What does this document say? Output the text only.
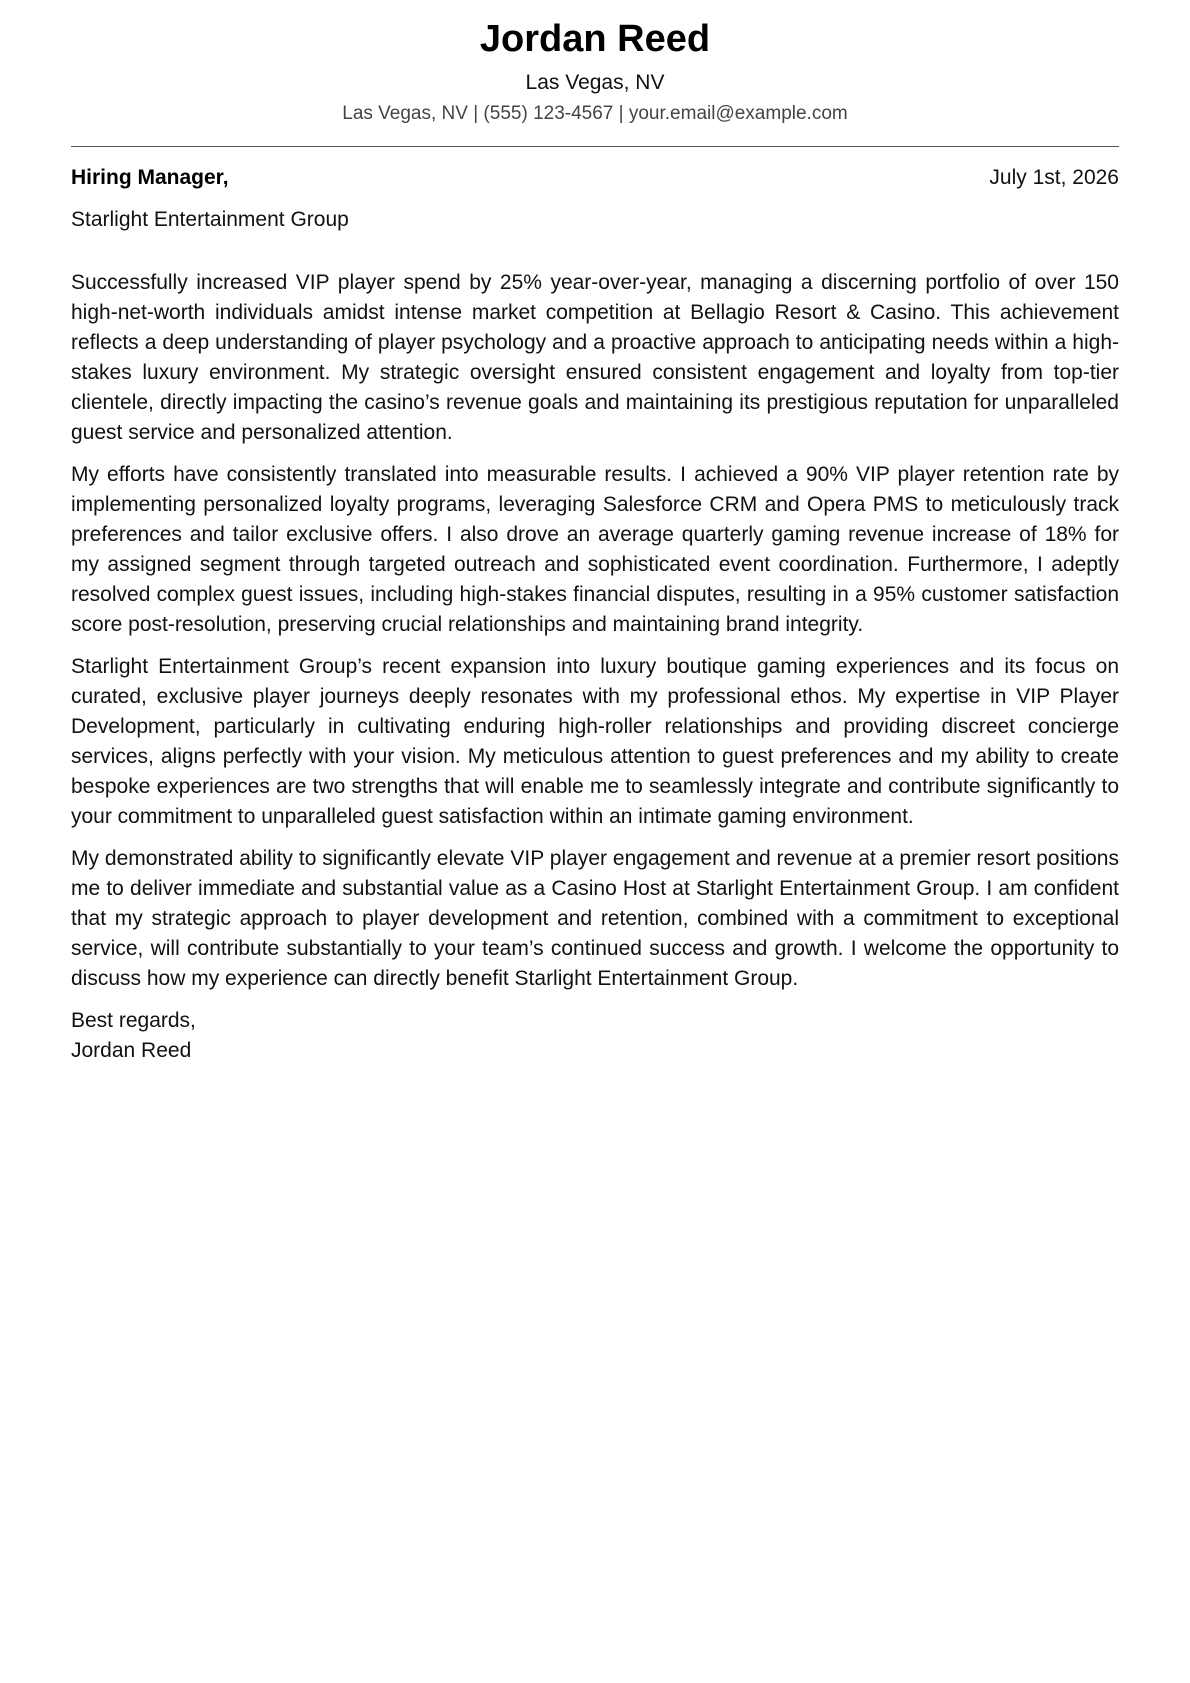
Jordan Reed
Las Vegas, NV
Las Vegas, NV | (555) 123-4567 | your.email@example.com
Hiring Manager,	July 1st, 2026
Starlight Entertainment Group

Successfully increased VIP player spend by 25% year-over-year, managing a discerning portfolio of over 150 high-net-worth individuals amidst intense market competition at Bellagio Resort & Casino. This achievement reflects a deep understanding of player psychology and a proactive approach to anticipating needs within a high-stakes luxury environment. My strategic oversight ensured consistent engagement and loyalty from top-tier clientele, directly impacting the casino’s revenue goals and maintaining its prestigious reputation for unparalleled guest service and personalized attention.

My efforts have consistently translated into measurable results. I achieved a 90% VIP player retention rate by implementing personalized loyalty programs, leveraging Salesforce CRM and Opera PMS to meticulously track preferences and tailor exclusive offers. I also drove an average quarterly gaming revenue increase of 18% for my assigned segment through targeted outreach and sophisticated event coordination. Furthermore, I adeptly resolved complex guest issues, including high-stakes financial disputes, resulting in a 95% customer satisfaction score post-resolution, preserving crucial relationships and maintaining brand integrity.

Starlight Entertainment Group’s recent expansion into luxury boutique gaming experiences and its focus on curated, exclusive player journeys deeply resonates with my professional ethos. My expertise in VIP Player Development, particularly in cultivating enduring high-roller relationships and providing discreet concierge services, aligns perfectly with your vision. My meticulous attention to guest preferences and my ability to create bespoke experiences are two strengths that will enable me to seamlessly integrate and contribute significantly to your commitment to unparalleled guest satisfaction within an intimate gaming environment.

My demonstrated ability to significantly elevate VIP player engagement and revenue at a premier resort positions me to deliver immediate and substantial value as a Casino Host at Starlight Entertainment Group. I am confident that my strategic approach to player development and retention, combined with a commitment to exceptional service, will contribute substantially to your team’s continued success and growth. I welcome the opportunity to discuss how my experience can directly benefit Starlight Entertainment Group.

Best regards,
Jordan Reed
